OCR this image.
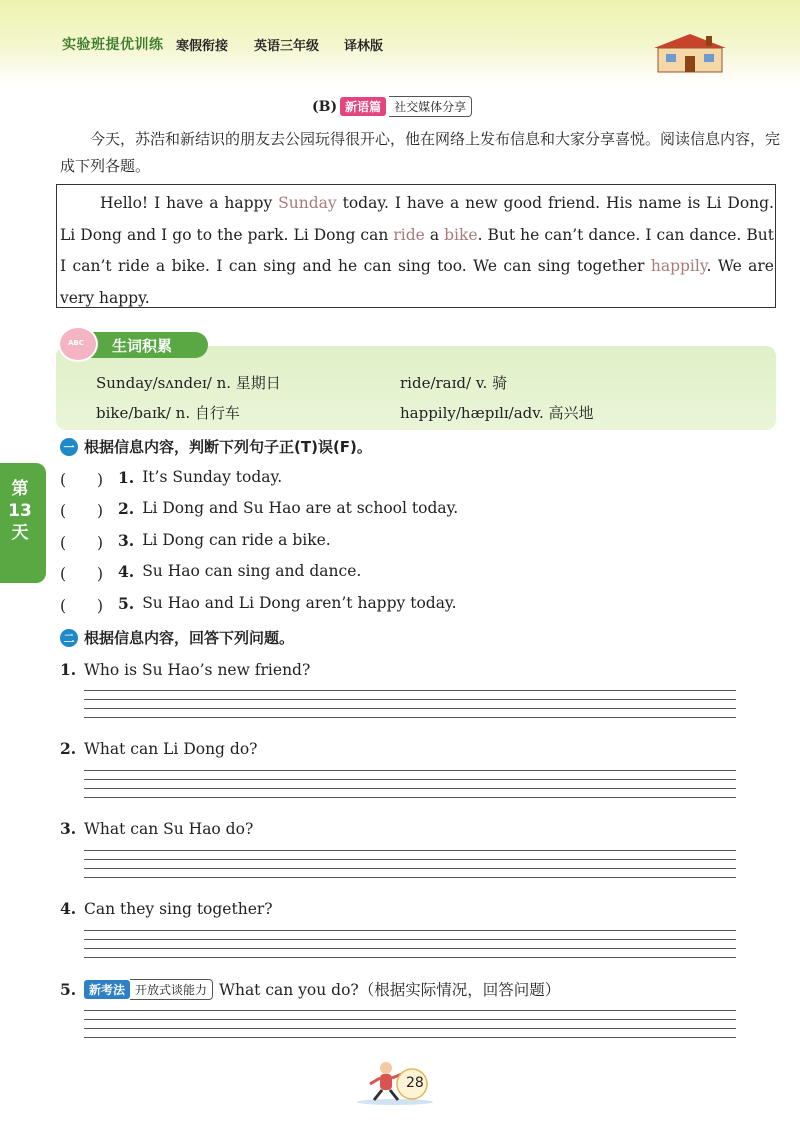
实验班提优训练 寒假衔接 英语三年级 译林版
(B) 新语篇	社交媒体分享
今天，苏浩和新结识的朋友去公园玩得很开心，他在网络上发布信息和大家分享喜悦。阅读信息内容，完成下列各题。
Hello! I have a happy Sunday today. I have a new good friend. His name is Li Dong. Li Dong and I go to the park. Li Dong can ride a bike. But he can’t dance. I can dance. But I can’t ride a bike. I can sing and he can sing too. We can sing together happily. We are very happy.
生词积累
ABC
Sunday/sʌndeɪ/ n. 星期日	ride/raɪd/ v. 骑
bike/baɪk/ n. 自行车	happily/hæpɪlɪ/adv. 高兴地
第
13
天
一 根据信息内容，判断下列句子正(T)误(F)。
(　　) 1. It’s Sunday today.
(　　) 2. Li Dong and Su Hao are at school today.
(　　) 3. Li Dong can ride a bike.
(　　) 4. Su Hao can sing and dance.
(　　) 5. Su Hao and Li Dong aren’t happy today.
二 根据信息内容，回答下列问题。
1. Who is Su Hao’s new friend?
2. What can Li Dong do?
3. What can Su Hao do?
4. Can they sing together?
5.	新考法 开放式谈能力 What can you do?（根据实际情况，回答问题）
28
